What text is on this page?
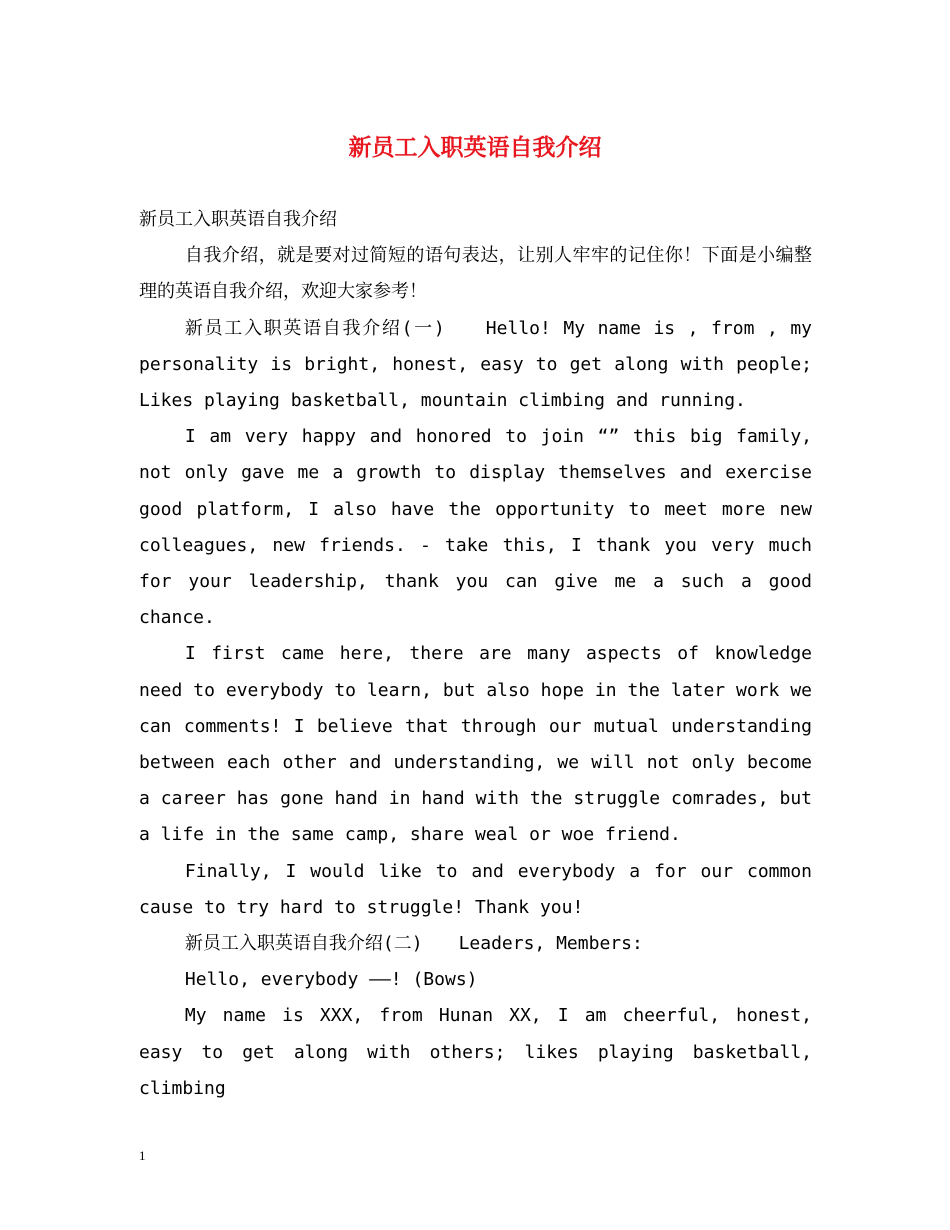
新员工入职英语自我介绍

新员工入职英语自我介绍

自我介绍，就是要对过简短的语句表达，让别人牢牢的记住你！下面是小编整理的英语自我介绍，欢迎大家参考！

新员工入职英语自我介绍(一)　　Hello! My name is , from , my personality is bright, honest, easy to get along with people; Likes playing basketball, mountain climbing and running.

I am very happy and honored to join “” this big family, not only gave me a growth to display themselves and exercise good platform, I also have the opportunity to meet more new colleagues, new friends. - take this, I thank you very much for your leadership, thank you can give me a such a good chance.

I first came here, there are many aspects of knowledge need to everybody to learn, but also hope in the later work we can comments! I believe that through our mutual understanding between each other and understanding, we will not only become a career has gone hand in hand with the struggle comrades, but a life in the same camp, share weal or woe friend.

Finally, I would like to and everybody a for our common cause to try hard to struggle! Thank you!

新员工入职英语自我介绍(二)　　Leaders, Members:

Hello, everybody ——! (Bows)

My name is XXX, from Hunan XX, I am cheerful, honest, easy to get along with others; likes playing basketball, climbing

1
